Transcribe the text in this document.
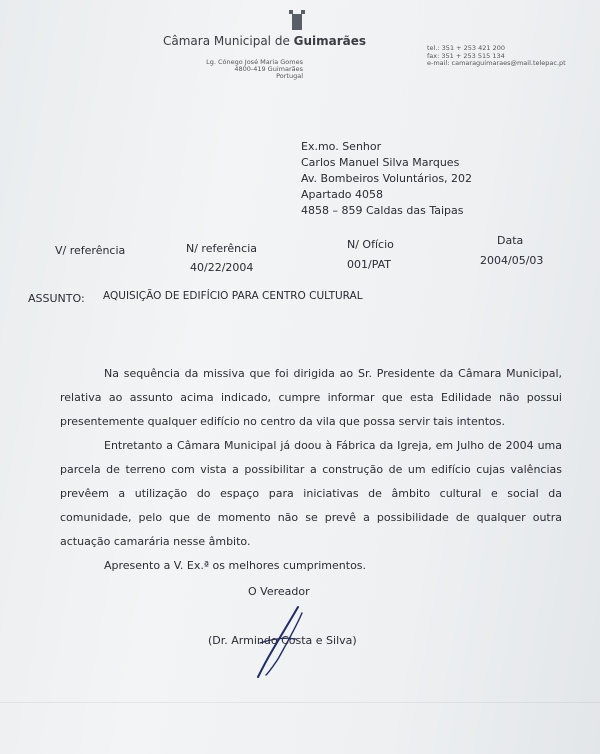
Câmara Municipal de Guimarães
Lg. Cónego José Maria Gomes
4800-419 Guimarães
Portugal
tel.: 351 + 253 421 200
fax: 351 + 253 515 134
e-mail: camaraguimaraes@mail.telepac.pt
Ex.mo. Senhor
Carlos Manuel Silva Marques
Av. Bombeiros Voluntários, 202
Apartado 4058
4858 – 859 Caldas das Taipas
V/ referência	N/ referência
40/22/2004
N/ Ofício
001/PAT
Data
2004/05/03
ASSUNTO: AQUISIÇÃO DE EDIFÍCIO PARA CENTRO CULTURAL

Na sequência da missiva que foi dirigida ao Sr. Presidente da Câmara Municipal, relativa ao assunto acima indicado, cumpre informar que esta Edilidade não possui presentemente qualquer edifício no centro da vila que possa servir tais intentos.

Entretanto a Câmara Municipal já doou à Fábrica da Igreja, em Julho de 2004 uma parcela de terreno com vista a possibilitar a construção de um edifício cujas valências prevêem a utilização do espaço para iniciativas de âmbito cultural e social da comunidade, pelo que de momento não se prevê a possibilidade de qualquer outra actuação camarária nesse âmbito.

Apresento a V. Ex.ª os melhores cumprimentos.

O Vereador
(Dr. Armindo Costa e Silva)
